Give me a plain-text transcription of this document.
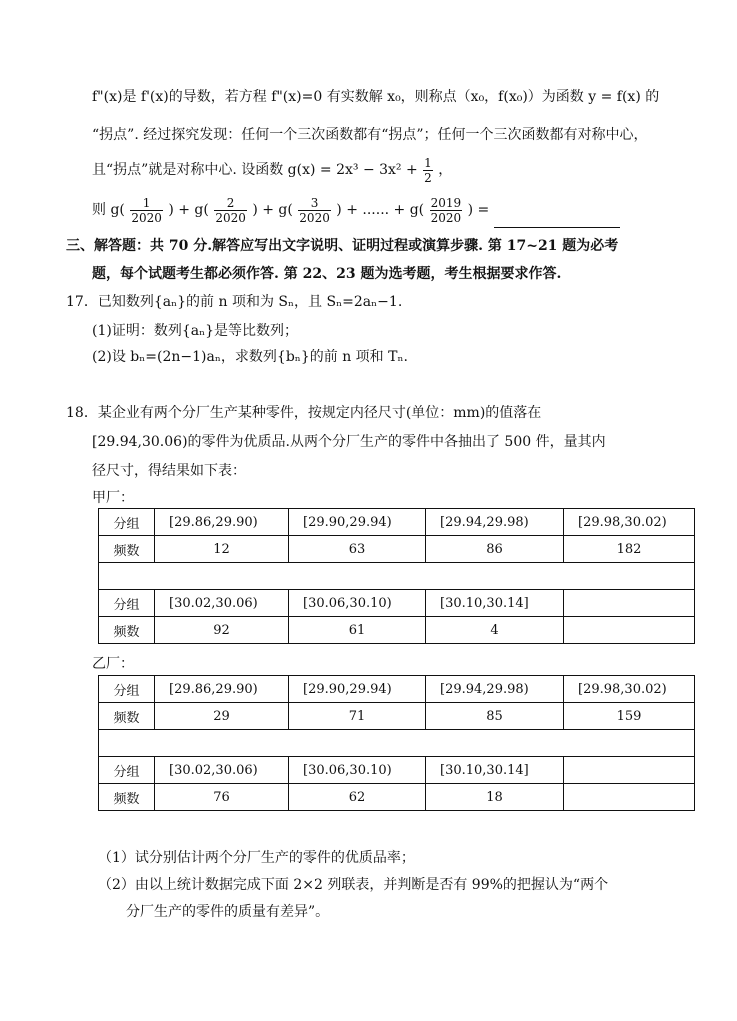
f"(x)是 f'(x)的导数，若方程 f"(x)=0 有实数解 x₀，则称点（x₀，f(x₀)）为函数 y = f(x) 的
“拐点”. 经过探究发现：任何一个三次函数都有“拐点”；任何一个三次函数都有对称中心，
且“拐点”就是对称中心. 设函数 $g(x) = 2x^3 - 3x^2 + \frac{1}{2}$ ，
则 $g( \frac{1}{2020}$ ) + $g( \frac{2}{2020}$ ) + $g( \frac{3}{2020}$ ) + ...... + $g( \frac{2019}{2020}$ ) =
三、解答题：共 70 分.解答应写出文字说明、证明过程或演算步骤. 第 17~21 题为必考
题，每个试题考生都必须作答. 第 22、23 题为选考题，考生根据要求作答.
17．已知数列{aₙ}的前 n 项和为 Sₙ，且 Sₙ=2aₙ−1.
(1)证明：数列{aₙ}是等比数列；
(2)设 bₙ=(2n−1)aₙ，求数列{bₙ}的前 n 项和 Tₙ.
18．某企业有两个分厂生产某种零件，按规定内径尺寸(单位：mm)的值落在
[29.94,30.06)的零件为优质品.从两个分厂生产的零件中各抽出了 500 件，量其内
径尺寸，得结果如下表：
甲厂：
分组	[29.86,29.90)	[29.90,29.94)	[29.94,29.98)	[29.98,30.02)
频数	12	63	86	182

分组	[30.02,30.06)	[30.06,30.10)	[30.10,30.14]	
频数	92	61	4	
乙厂：
分组	[29.86,29.90)	[29.90,29.94)	[29.94,29.98)	[29.98,30.02)
频数	29	71	85	159

分组	[30.02,30.06)	[30.06,30.10)	[30.10,30.14]	
频数	76	62	18	
（1）试分别估计两个分厂生产的零件的优质品率；
（2）由以上统计数据完成下面 2×2 列联表，并判断是否有 99%的把握认为“两个
分厂生产的零件的质量有差异”。
